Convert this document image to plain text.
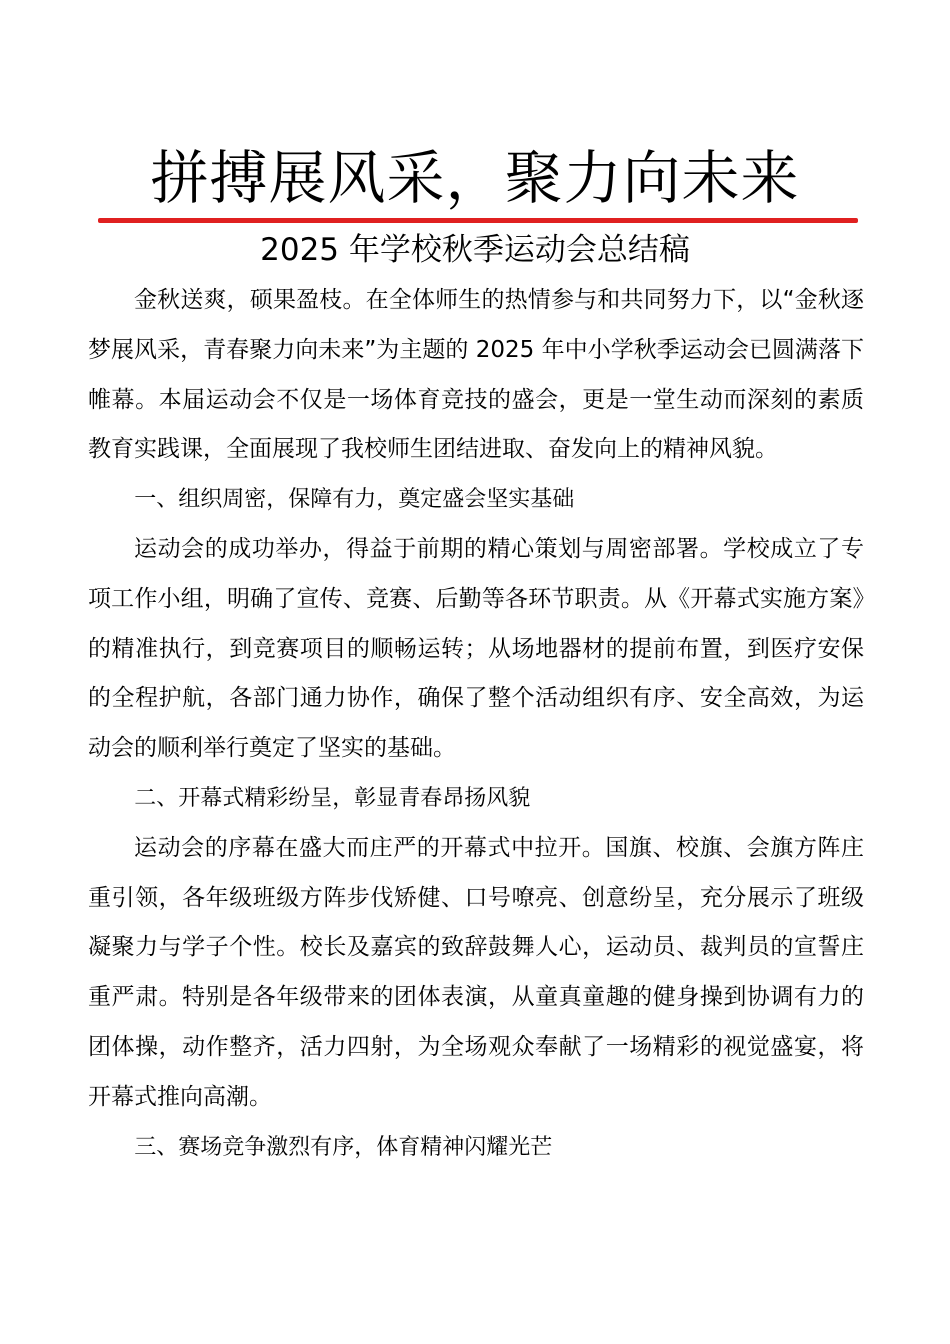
拼搏展风采，聚力向未来
2025 年学校秋季运动会总结稿

金秋送爽，硕果盈枝。在全体师生的热情参与和共同努力下，以“金秋逐梦展风采，青春聚力向未来”为主题的 2025 年中小学秋季运动会已圆满落下帷幕。本届运动会不仅是一场体育竞技的盛会，更是一堂生动而深刻的素质教育实践课，全面展现了我校师生团结进取、奋发向上的精神风貌。

一、组织周密，保障有力，奠定盛会坚实基础

运动会的成功举办，得益于前期的精心策划与周密部署。学校成立了专项工作小组，明确了宣传、竞赛、后勤等各环节职责。从《开幕式实施方案》的精准执行，到竞赛项目的顺畅运转；从场地器材的提前布置，到医疗安保的全程护航，各部门通力协作，确保了整个活动组织有序、安全高效，为运动会的顺利举行奠定了坚实的基础。

二、开幕式精彩纷呈，彰显青春昂扬风貌

运动会的序幕在盛大而庄严的开幕式中拉开。国旗、校旗、会旗方阵庄重引领，各年级班级方阵步伐矫健、口号嘹亮、创意纷呈，充分展示了班级凝聚力与学子个性。校长及嘉宾的致辞鼓舞人心，运动员、裁判员的宣誓庄重严肃。特别是各年级带来的团体表演，从童真童趣的健身操到协调有力的团体操，动作整齐，活力四射，为全场观众奉献了一场精彩的视觉盛宴，将开幕式推向高潮。

三、赛场竞争激烈有序，体育精神闪耀光芒
